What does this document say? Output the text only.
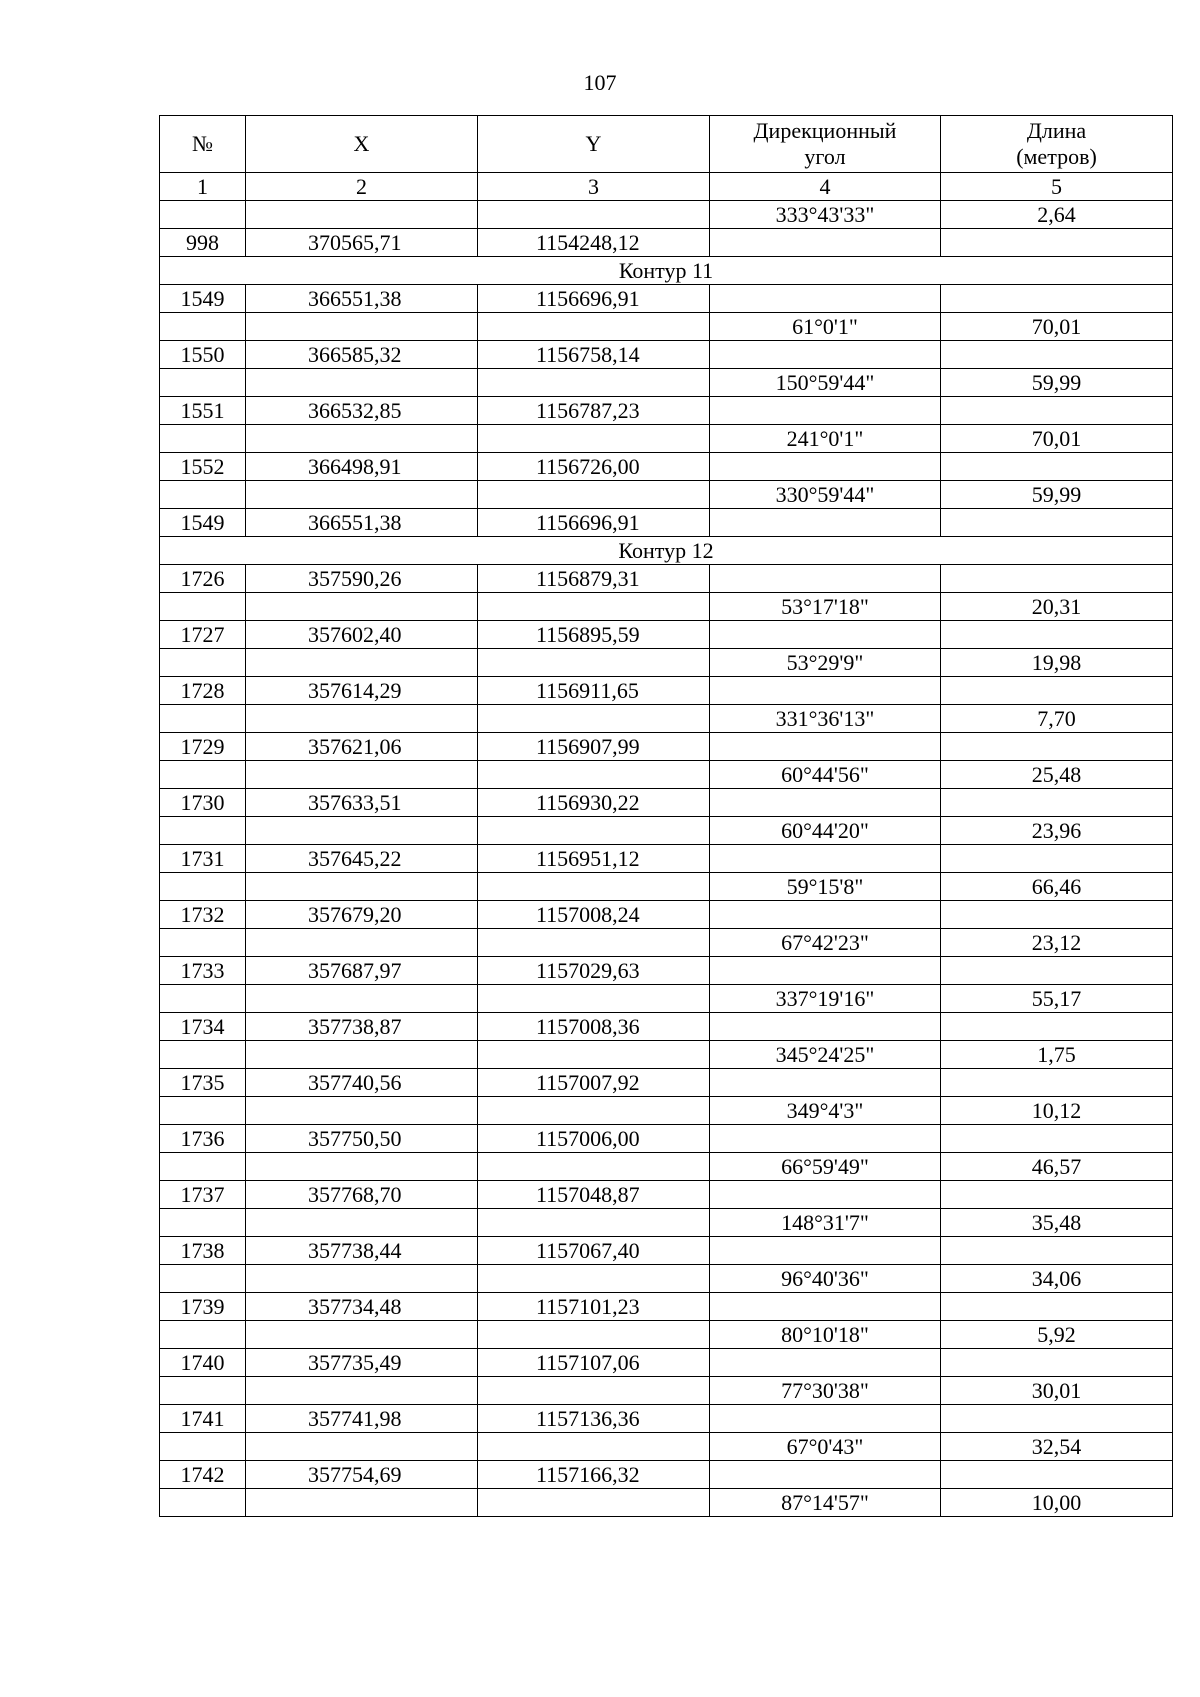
107
№	X	Y	Дирекционный
угол	Длина
(метров)

1	2	3	4	5
			333°43'33"	2,64
998	370565,71	1154248,12		
Контур 11				
1549	366551,38	1156696,91		
			61°0'1"	70,01
1550	366585,32	1156758,14		
			150°59'44"	59,99
1551	366532,85	1156787,23		
			241°0'1"	70,01
1552	366498,91	1156726,00		
			330°59'44"	59,99
1549	366551,38	1156696,91		
Контур 12				
1726	357590,26	1156879,31		
			53°17'18"	20,31
1727	357602,40	1156895,59		
			53°29'9"	19,98
1728	357614,29	1156911,65		
			331°36'13"	7,70
1729	357621,06	1156907,99		
			60°44'56"	25,48
1730	357633,51	1156930,22		
			60°44'20"	23,96
1731	357645,22	1156951,12		
			59°15'8"	66,46
1732	357679,20	1157008,24		
			67°42'23"	23,12
1733	357687,97	1157029,63		
			337°19'16"	55,17
1734	357738,87	1157008,36		
			345°24'25"	1,75
1735	357740,56	1157007,92		
			349°4'3"	10,12
1736	357750,50	1157006,00		
			66°59'49"	46,57
1737	357768,70	1157048,87		
			148°31'7"	35,48
1738	357738,44	1157067,40		
			96°40'36"	34,06
1739	357734,48	1157101,23		
			80°10'18"	5,92
1740	357735,49	1157107,06		
			77°30'38"	30,01
1741	357741,98	1157136,36		
			67°0'43"	32,54
1742	357754,69	1157166,32		
			87°14'57"	10,00
